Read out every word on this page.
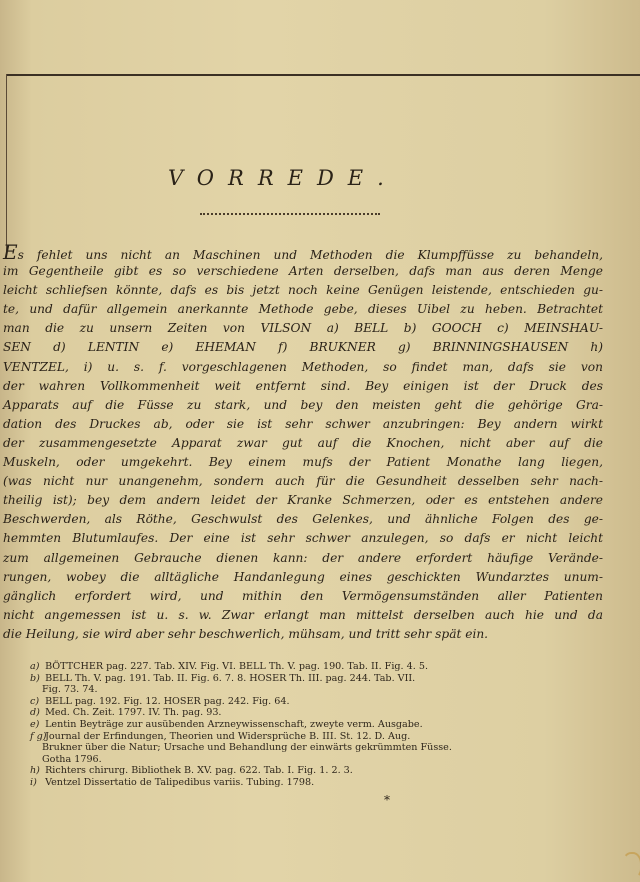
VORREDE.
Es fehlet uns nicht an Maschinen und Methoden die Klumpffüsse zu behandeln,
im Gegentheile gibt es so verschiedene Arten derselben, dafs man aus deren Menge
leicht schliefsen könnte, dafs es bis jetzt noch keine Genügen leistende, entschieden gu-
te, und dafür allgemein anerkannte Methode gebe, dieses Uibel zu heben. Betrachtet
man die zu unsern Zeiten von VILSON a) BELL b) GOOCH c) MEINSHAU-
SEN d) LENTIN e) EHEMAN f) BRUKNER g) BRINNINGSHAUSEN h)
VENTZEL, i) u. s. f. vorgeschlagenen Methoden, so findet man, dafs sie von
der wahren Vollkommenheit weit entfernt sind. Bey einigen ist der Druck des
Apparats auf die Füsse zu stark, und bey den meisten geht die gehörige Gra-
dation des Druckes ab, oder sie ist sehr schwer anzubringen: Bey andern wirkt
der zusammengesetzte Apparat zwar gut auf die Knochen, nicht aber auf die
Muskeln, oder umgekehrt. Bey einem mufs der Patient Monathe lang liegen,
(was nicht nur unangenehm, sondern auch für die Gesundheit desselben sehr nach-
theilig ist); bey dem andern leidet der Kranke Schmerzen, oder es entstehen andere
Beschwerden, als Röthe, Geschwulst des Gelenkes, und ähnliche Folgen des ge-
hemmten Blutumlaufes. Der eine ist sehr schwer anzulegen, so dafs er nicht leicht
zum allgemeinen Gebrauche dienen kann: der andere erfordert häufige Verände-
rungen, wobey die alltägliche Handanlegung eines geschickten Wundarztes unum-
gänglich erfordert wird, und mithin den Vermögensumständen aller Patienten
nicht angemessen ist u. s. w. Zwar erlangt man mittelst derselben auch hie und da
die Heilung, sie wird aber sehr beschwerlich, mühsam, und tritt sehr spät ein.
a) BÖTTCHER pag. 227. Tab. XIV. Fig. VI. BELL Th. V. pag. 190. Tab. II. Fig. 4. 5.
b) BELL Th. V. pag. 191. Tab. II. Fig. 6. 7. 8. HOSER Th. III. pag. 244. Tab. VII.
Fig. 73. 74.
c) BELL pag. 192. Fig. 12. HOSER pag. 242. Fig. 64.
d) Med. Ch. Zeit. 1797. IV. Th. pag. 93.
e) Lentin Beyträge zur ausübenden Arzneywissenschaft, zweyte verm. Ausgabe.
f g) Journal der Erfindungen, Theorien und Widersprüche B. III. St. 12. D. Aug.
Brukner über die Natur; Ursache und Behandlung der einwärts gekrümmten Füsse.
Gotha 1796.
h) Richters chirurg. Bibliothek B. XV. pag. 622. Tab. I. Fig. 1. 2. 3.
i) Ventzel Dissertatio de Talipedibus variis. Tubing. 1798.
*
